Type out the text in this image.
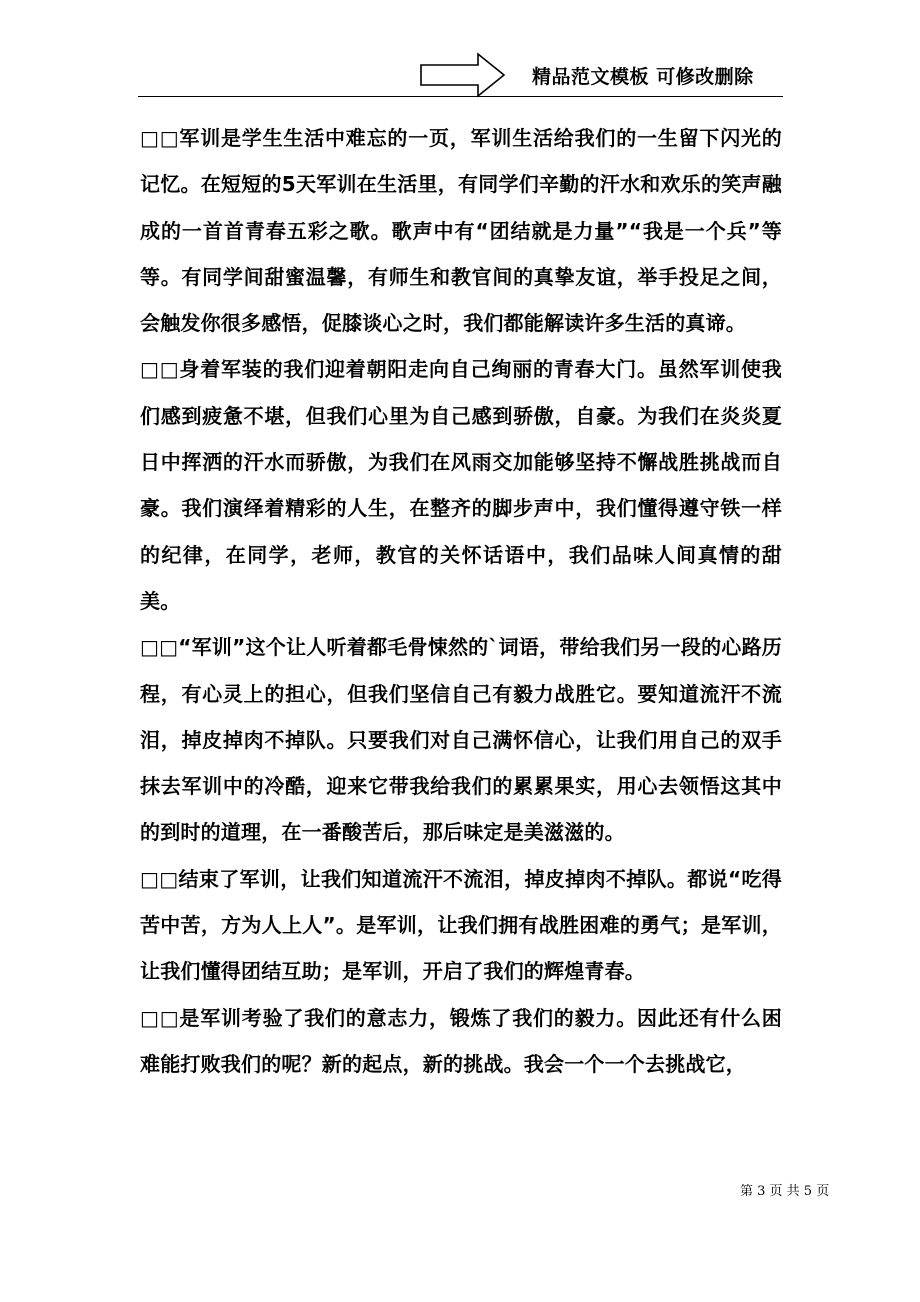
精品范文模板 可修改删除

□□军训是学生生活中难忘的一页，军训生活给我们的一生留下闪光的记忆。在短短的5天军训在生活里，有同学们辛勤的汗水和欢乐的笑声融成的一首首青春五彩之歌。歌声中有“团结就是力量”“我是一个兵”等等。有同学间甜蜜温馨，有师生和教官间的真挚友谊，举手投足之间，会触发你很多感悟，促膝谈心之时，我们都能解读许多生活的真谛。

□□身着军装的我们迎着朝阳走向自己绚丽的青春大门。虽然军训使我们感到疲惫不堪，但我们心里为自己感到骄傲，自豪。为我们在炎炎夏日中挥洒的汗水而骄傲，为我们在风雨交加能够坚持不懈战胜挑战而自豪。我们演绎着精彩的人生，在整齐的脚步声中，我们懂得遵守铁一样的纪律，在同学，老师，教官的关怀话语中，我们品味人间真情的甜美。

□□“军训”这个让人听着都毛骨悚然的`词语，带给我们另一段的心路历程，有心灵上的担心，但我们坚信自己有毅力战胜它。要知道流汗不流泪，掉皮掉肉不掉队。只要我们对自己满怀信心，让我们用自己的双手抹去军训中的冷酷，迎来它带我给我们的累累果实，用心去领悟这其中的到时的道理，在一番酸苦后，那后味定是美滋滋的。

□□结束了军训，让我们知道流汗不流泪，掉皮掉肉不掉队。都说“吃得苦中苦，方为人上人”。是军训，让我们拥有战胜困难的勇气；是军训，让我们懂得团结互助；是军训，开启了我们的辉煌青春。

□□是军训考验了我们的意志力，锻炼了我们的毅力。因此还有什么困难能打败我们的呢？新的起点，新的挑战。我会一个一个去挑战它，

第 3 页 共 5 页
